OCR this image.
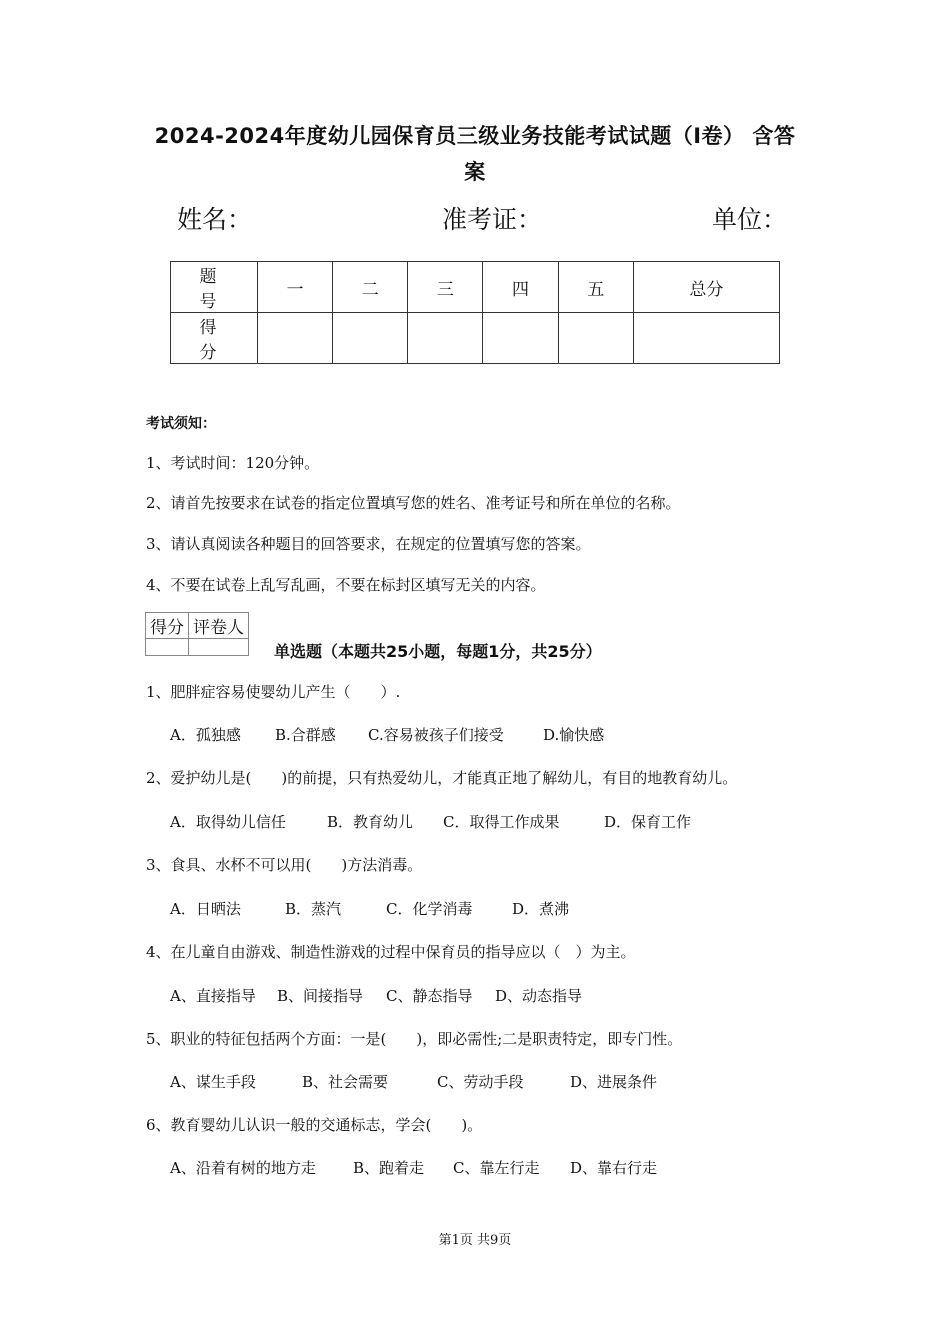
2024-2024年度幼儿园保育员三级业务技能考试试题（I卷） 含答
案
姓名：	准考证：	单位：
题　号	一	二	三	四	五	总分
得　分						
考试须知：
1、考试时间：120分钟。
2、请首先按要求在试卷的指定位置填写您的姓名、准考证号和所在单位的名称。
3、请认真阅读各种题目的回答要求，在规定的位置填写您的答案。
4、不要在试卷上乱写乱画，不要在标封区填写无关的内容。
得分	评卷人

单选题（本题共25小题，每题1分，共25分）
1、肥胖症容易使婴幼儿产生（　　）.
A．孤独感 B.合群感 C.容易被孩子们接受	D.愉快感
2、爱护幼儿是(　　)的前提，只有热爱幼儿，才能真正地了解幼儿，有目的地教育幼儿。
A．取得幼儿信任	B．教育幼儿 C．取得工作成果	D．保育工作
3、食具、水杯不可以用(　　)方法消毒。
A．日晒法	B．蒸汽	C．化学消毒	D．煮沸
4、在儿童自由游戏、制造性游戏的过程中保育员的指导应以（　）为主。
A、直接指导 B、间接指导 C、静态指导 D、动态指导
5、职业的特征包括两个方面：一是(　　)，即必需性;二是职责特定，即专门性。
A、谋生手段	B、社会需要	C、劳动手段	D、进展条件
6、教育婴幼儿认识一般的交通标志，学会(　　)。
A、沿着有树的地方走 B、跑着走 C、靠左行走 D、靠右行走
第1页 共9页
